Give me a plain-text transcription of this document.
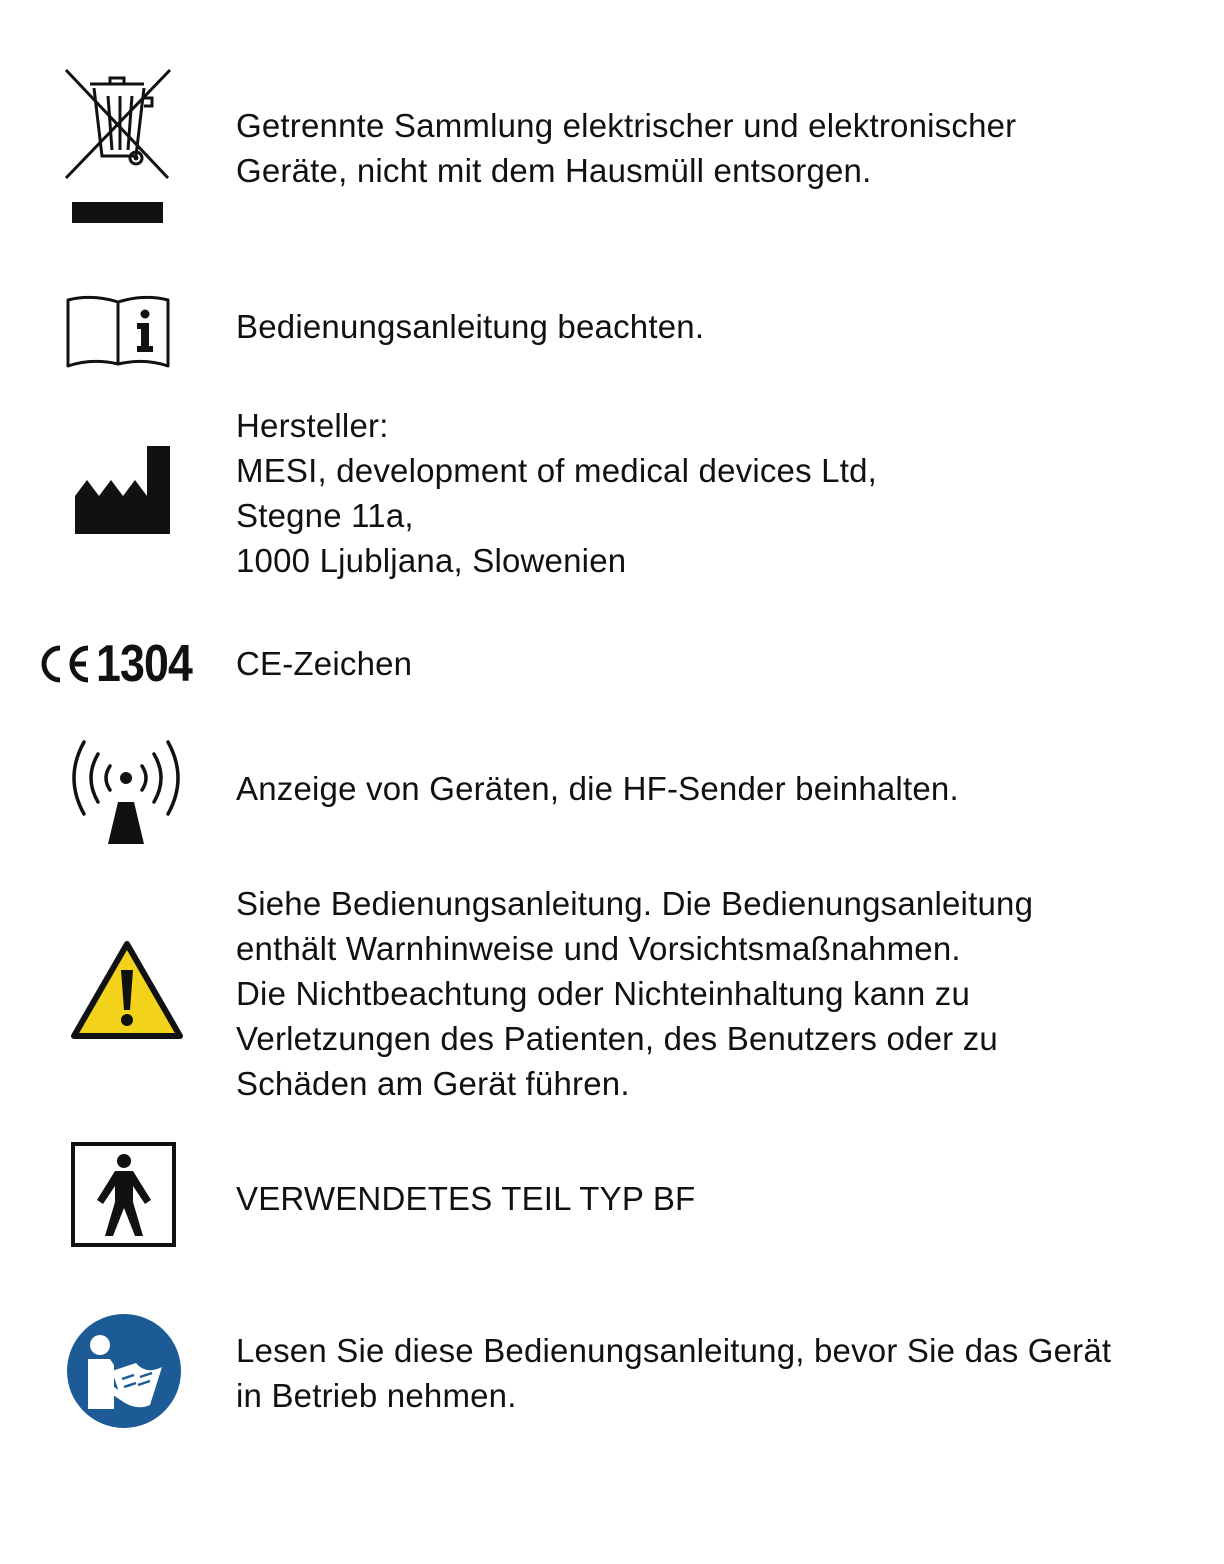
Getrennte Sammlung elektrischer und elektronischer
Geräte, nicht mit dem Hausmüll entsorgen.
Bedienungsanleitung beachten.
Hersteller:
MESI, development of medical devices Ltd,
Stegne 11a,
1000 Ljubljana, Slowenien
1304 CE-Zeichen
Anzeige von Geräten, die HF-Sender beinhalten.
Siehe Bedienungsanleitung. Die Bedienungsanleitung
enthält Warnhinweise und Vorsichtsmaßnahmen.
Die Nichtbeachtung oder Nichteinhaltung kann zu
Verletzungen des Patienten, des Benutzers oder zu
Schäden am Gerät führen.
VERWENDETES TEIL TYP BF
Lesen Sie diese Bedienungsanleitung, bevor Sie das Gerät
in Betrieb nehmen.
